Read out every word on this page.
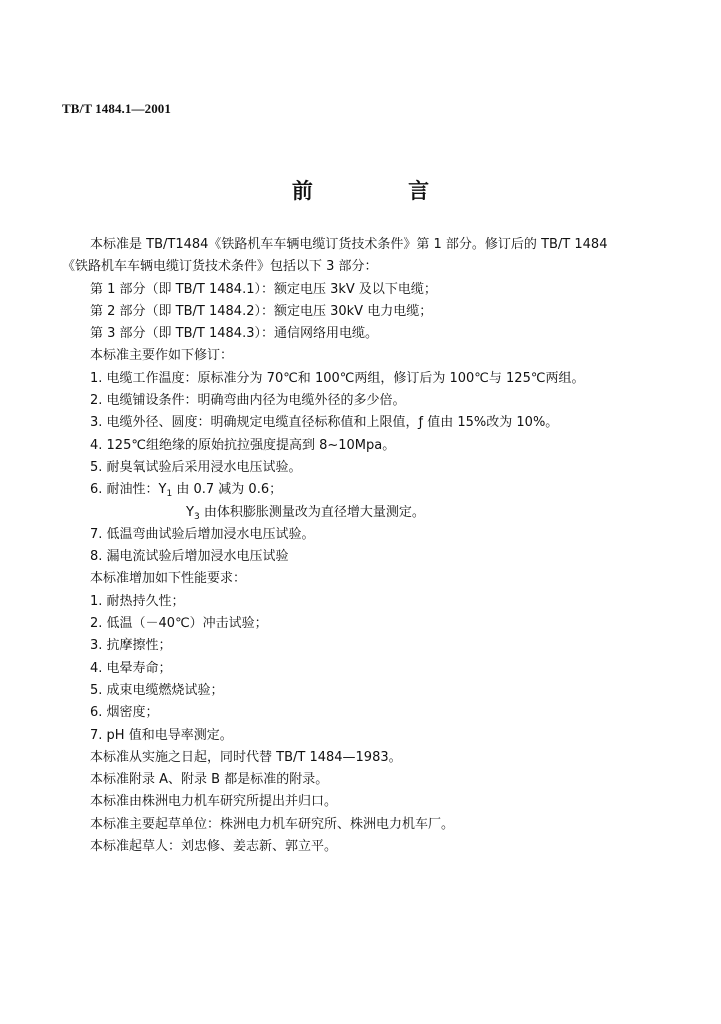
TB/T 1484.1—2001
前 言
本标准是 TB/T1484《铁路机车车辆电缆订货技术条件》第 1 部分。修订后的 TB/T 1484
《铁路机车车辆电缆订货技术条件》包括以下 3 部分：
第 1 部分（即 TB/T 1484.1）：额定电压 3kV 及以下电缆；
第 2 部分（即 TB/T 1484.2）：额定电压 30kV 电力电缆；
第 3 部分（即 TB/T 1484.3）：通信网络用电缆。
本标准主要作如下修订：
1. 电缆工作温度：原标准分为 70℃和 100℃两组，修订后为 100℃与 125℃两组。
2. 电缆铺设条件：明确弯曲内径为电缆外径的多少倍。
3. 电缆外径、圆度：明确规定电缆直径标称值和上限值，ƒ 值由 15%改为 10%。
4. 125℃组绝缘的原始抗拉强度提高到 8~10Mpa。
5. 耐臭氧试验后采用浸水电压试验。
6. 耐油性：$Y_1$ 由 0.7 减为 0.6；
$Y_3$ 由体积膨胀测量改为直径增大量测定。
7. 低温弯曲试验后增加浸水电压试验。
8. 漏电流试验后增加浸水电压试验
本标准增加如下性能要求：
1. 耐热持久性；
2. 低温（－40℃）冲击试验；
3. 抗摩擦性；
4. 电晕寿命；
5. 成束电缆燃烧试验；
6. 烟密度；
7. pH 值和电导率测定。
本标准从实施之日起，同时代替 TB/T 1484—1983。
本标准附录 A、附录 B 都是标准的附录。
本标准由株洲电力机车研究所提出并归口。
本标准主要起草单位：株洲电力机车研究所、株洲电力机车厂。
本标准起草人：刘忠修、姜志新、郭立平。
